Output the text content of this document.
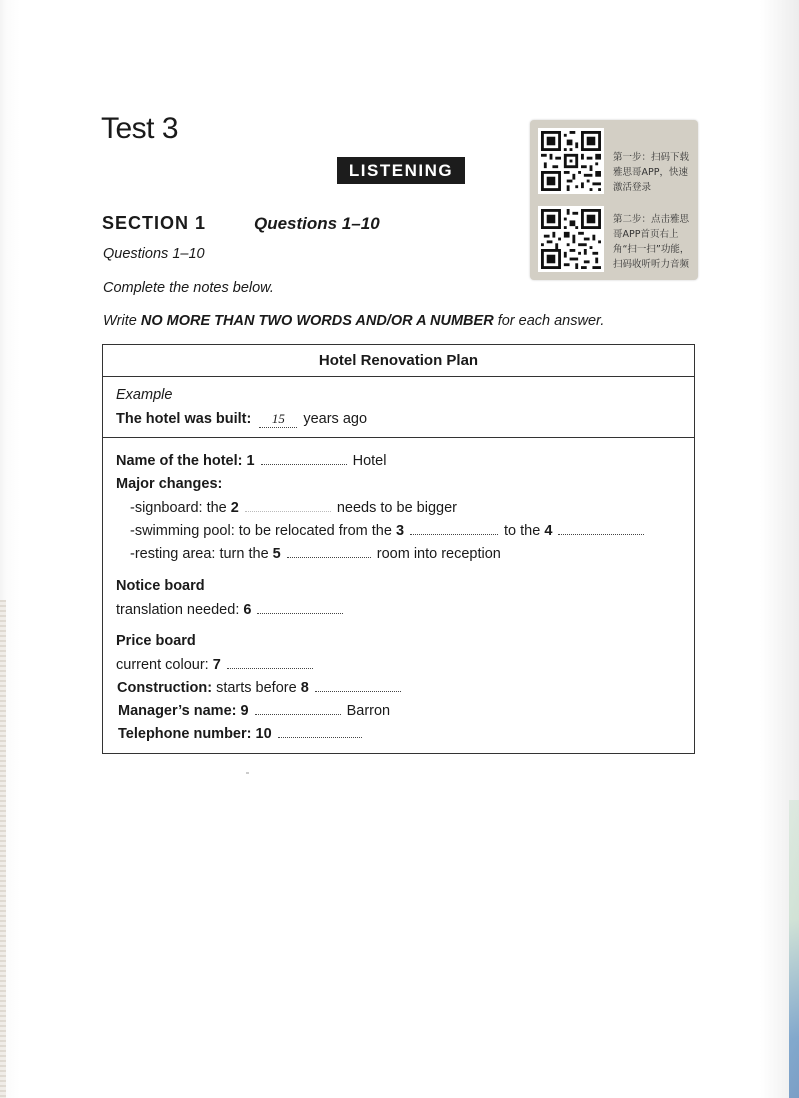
Test 3
LISTENING
第一步：扫码下载雅思哥APP，快速激活登录
第二步：点击雅思哥APP首页右上角“扫一扫”功能，扫码收听听力音频
SECTION 1	Questions 1–10
Questions 1–10
Complete the notes below.
Write NO MORE THAN TWO WORDS AND/OR A NUMBER for each answer.
Hotel Renovation Plan
Example
The hotel was built: 15 years ago
Name of the hotel: 1	Hotel
Major changes:
-signboard: the 2	needs to be bigger
-swimming pool: to be relocated from the 3	to the 4
-resting area: turn the 5	room into reception
Notice board
translation needed: 6
Price board
current colour: 7
Construction: starts before 8
Manager’s name: 9	Barron
Telephone number: 10
